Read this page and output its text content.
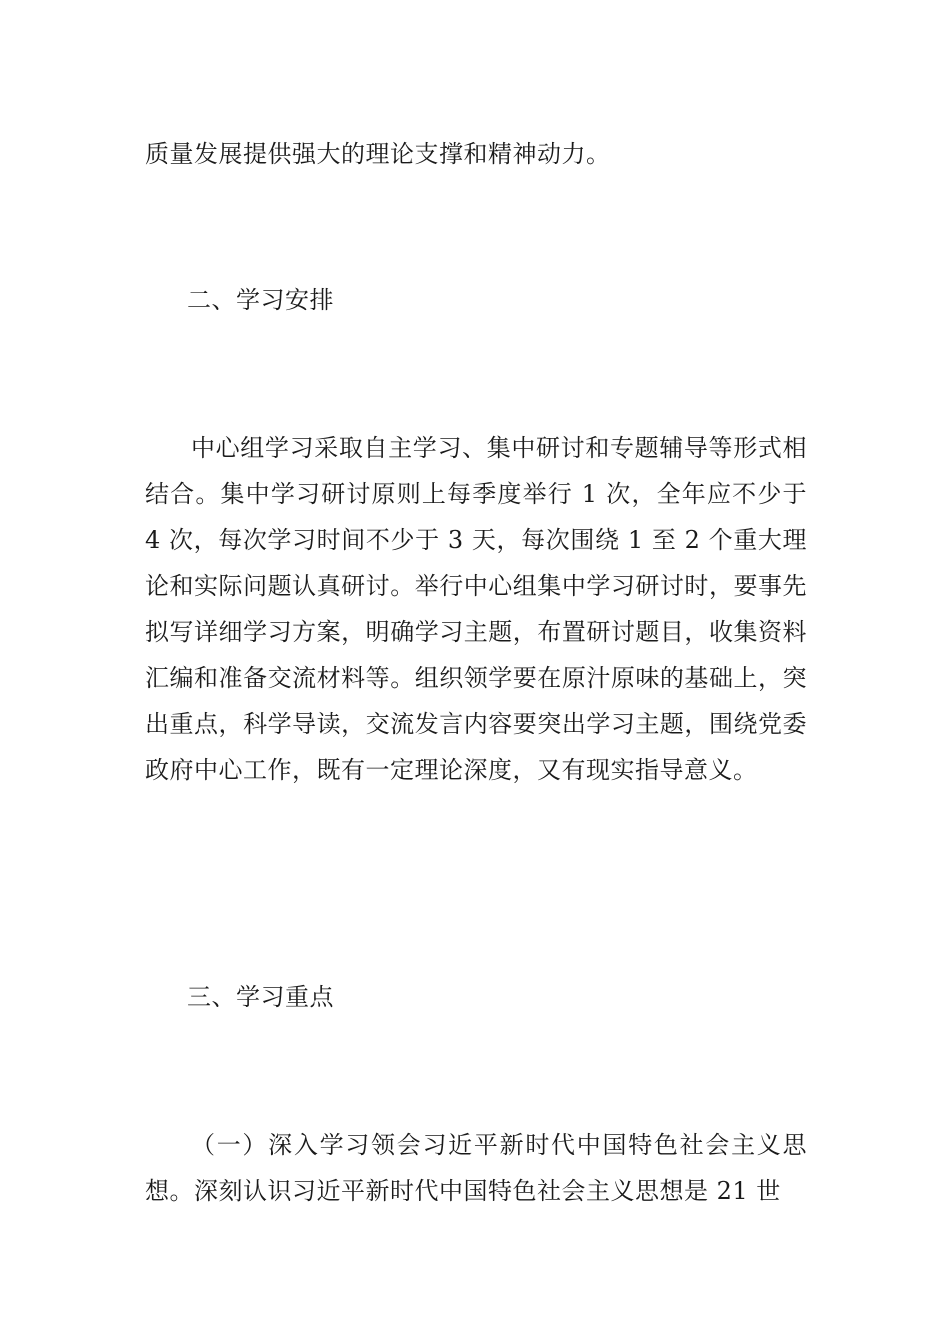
质量发展提供强大的理论支撑和精神动力。

二、学习安排

中心组学习采取自主学习、集中研讨和专题辅导等形式相结合。集中学习研讨原则上每季度举行 1 次，全年应不少于 4 次，每次学习时间不少于 3 天，每次围绕 1 至 2 个重大理论和实际问题认真研讨。举行中心组集中学习研讨时，要事先拟写详细学习方案，明确学习主题，布置研讨题目，收集资料汇编和准备交流材料等。组织领学要在原汁原味的基础上，突出重点，科学导读，交流发言内容要突出学习主题，围绕党委政府中心工作，既有一定理论深度，又有现实指导意义。

三、学习重点

（一）深入学习领会习近平新时代中国特色社会主义思想。深刻认识习近平新时代中国特色社会主义思想是 21 世
